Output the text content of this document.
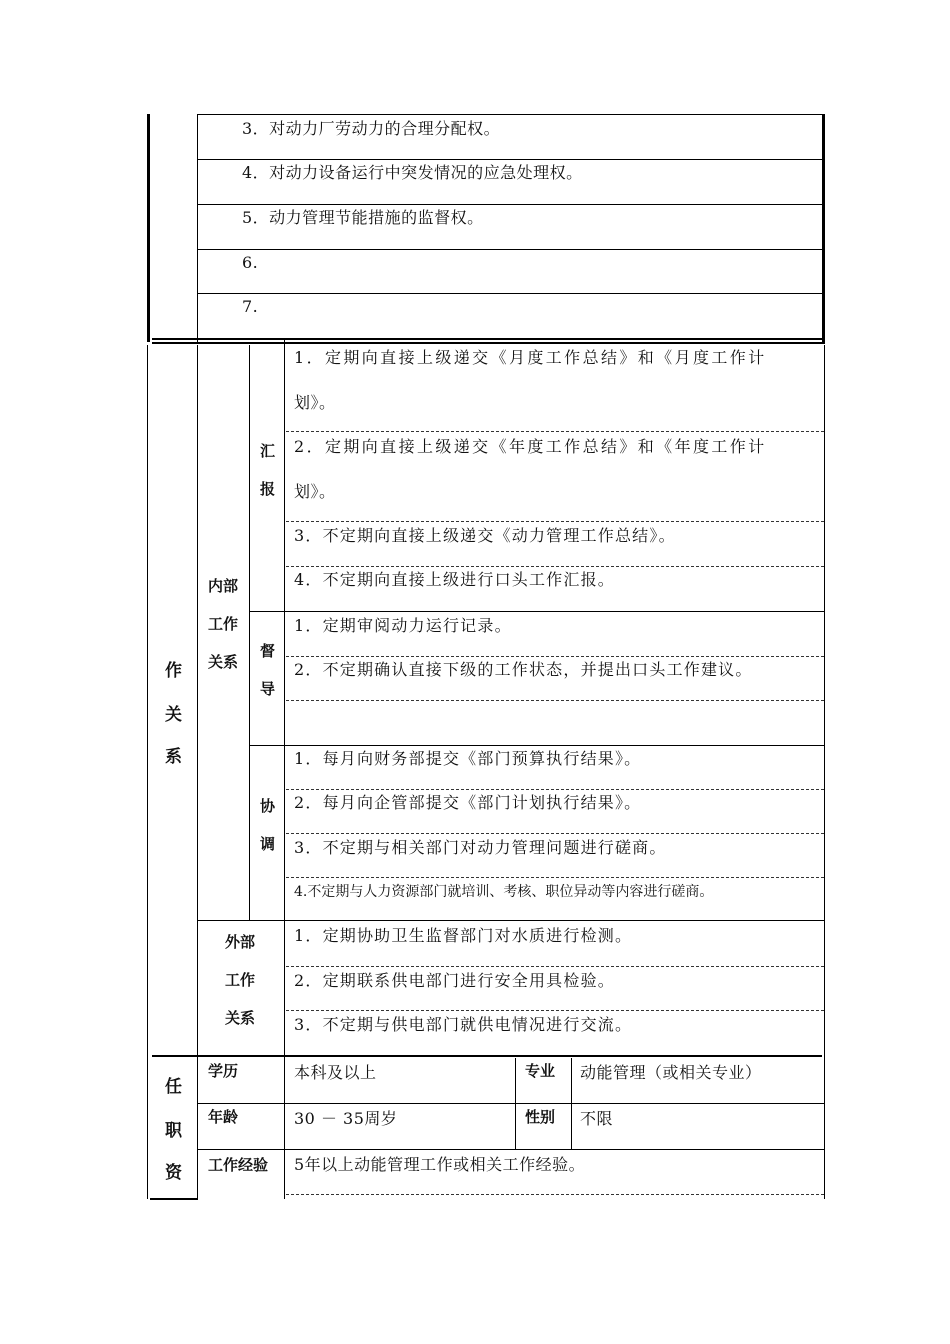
3．对动力厂劳动力的合理分配权。
4．对动力设备运行中突发情况的应急处理权。
5．动力管理节能措施的监督权。
6.
7.
作
关
系
内部
工作
关系
汇
报
1．定期向直接上级递交《月度工作总结》和《月度工作计
划》。
2．定期向直接上级递交《年度工作总结》和《年度工作计
划》。
3．不定期向直接上级递交《动力管理工作总结》。
4．不定期向直接上级进行口头工作汇报。
督
导
1．定期审阅动力运行记录。
2．不定期确认直接下级的工作状态，并提出口头工作建议。
协
调
1．每月向财务部提交《部门预算执行结果》。
2．每月向企管部提交《部门计划执行结果》。
3．不定期与相关部门对动力管理问题进行磋商。
4.不定期与人力资源部门就培训、考核、职位异动等内容进行磋商。
外部
工作
关系
1．定期协助卫生监督部门对水质进行检测。
2．定期联系供电部门进行安全用具检验。
3．不定期与供电部门就供电情况进行交流。
任
职
资
学历	本科及以上	专业 动能管理（或相关专业）
年龄	30 － 35周岁	性别 不限
工作经验 5年以上动能管理工作或相关工作经验。
